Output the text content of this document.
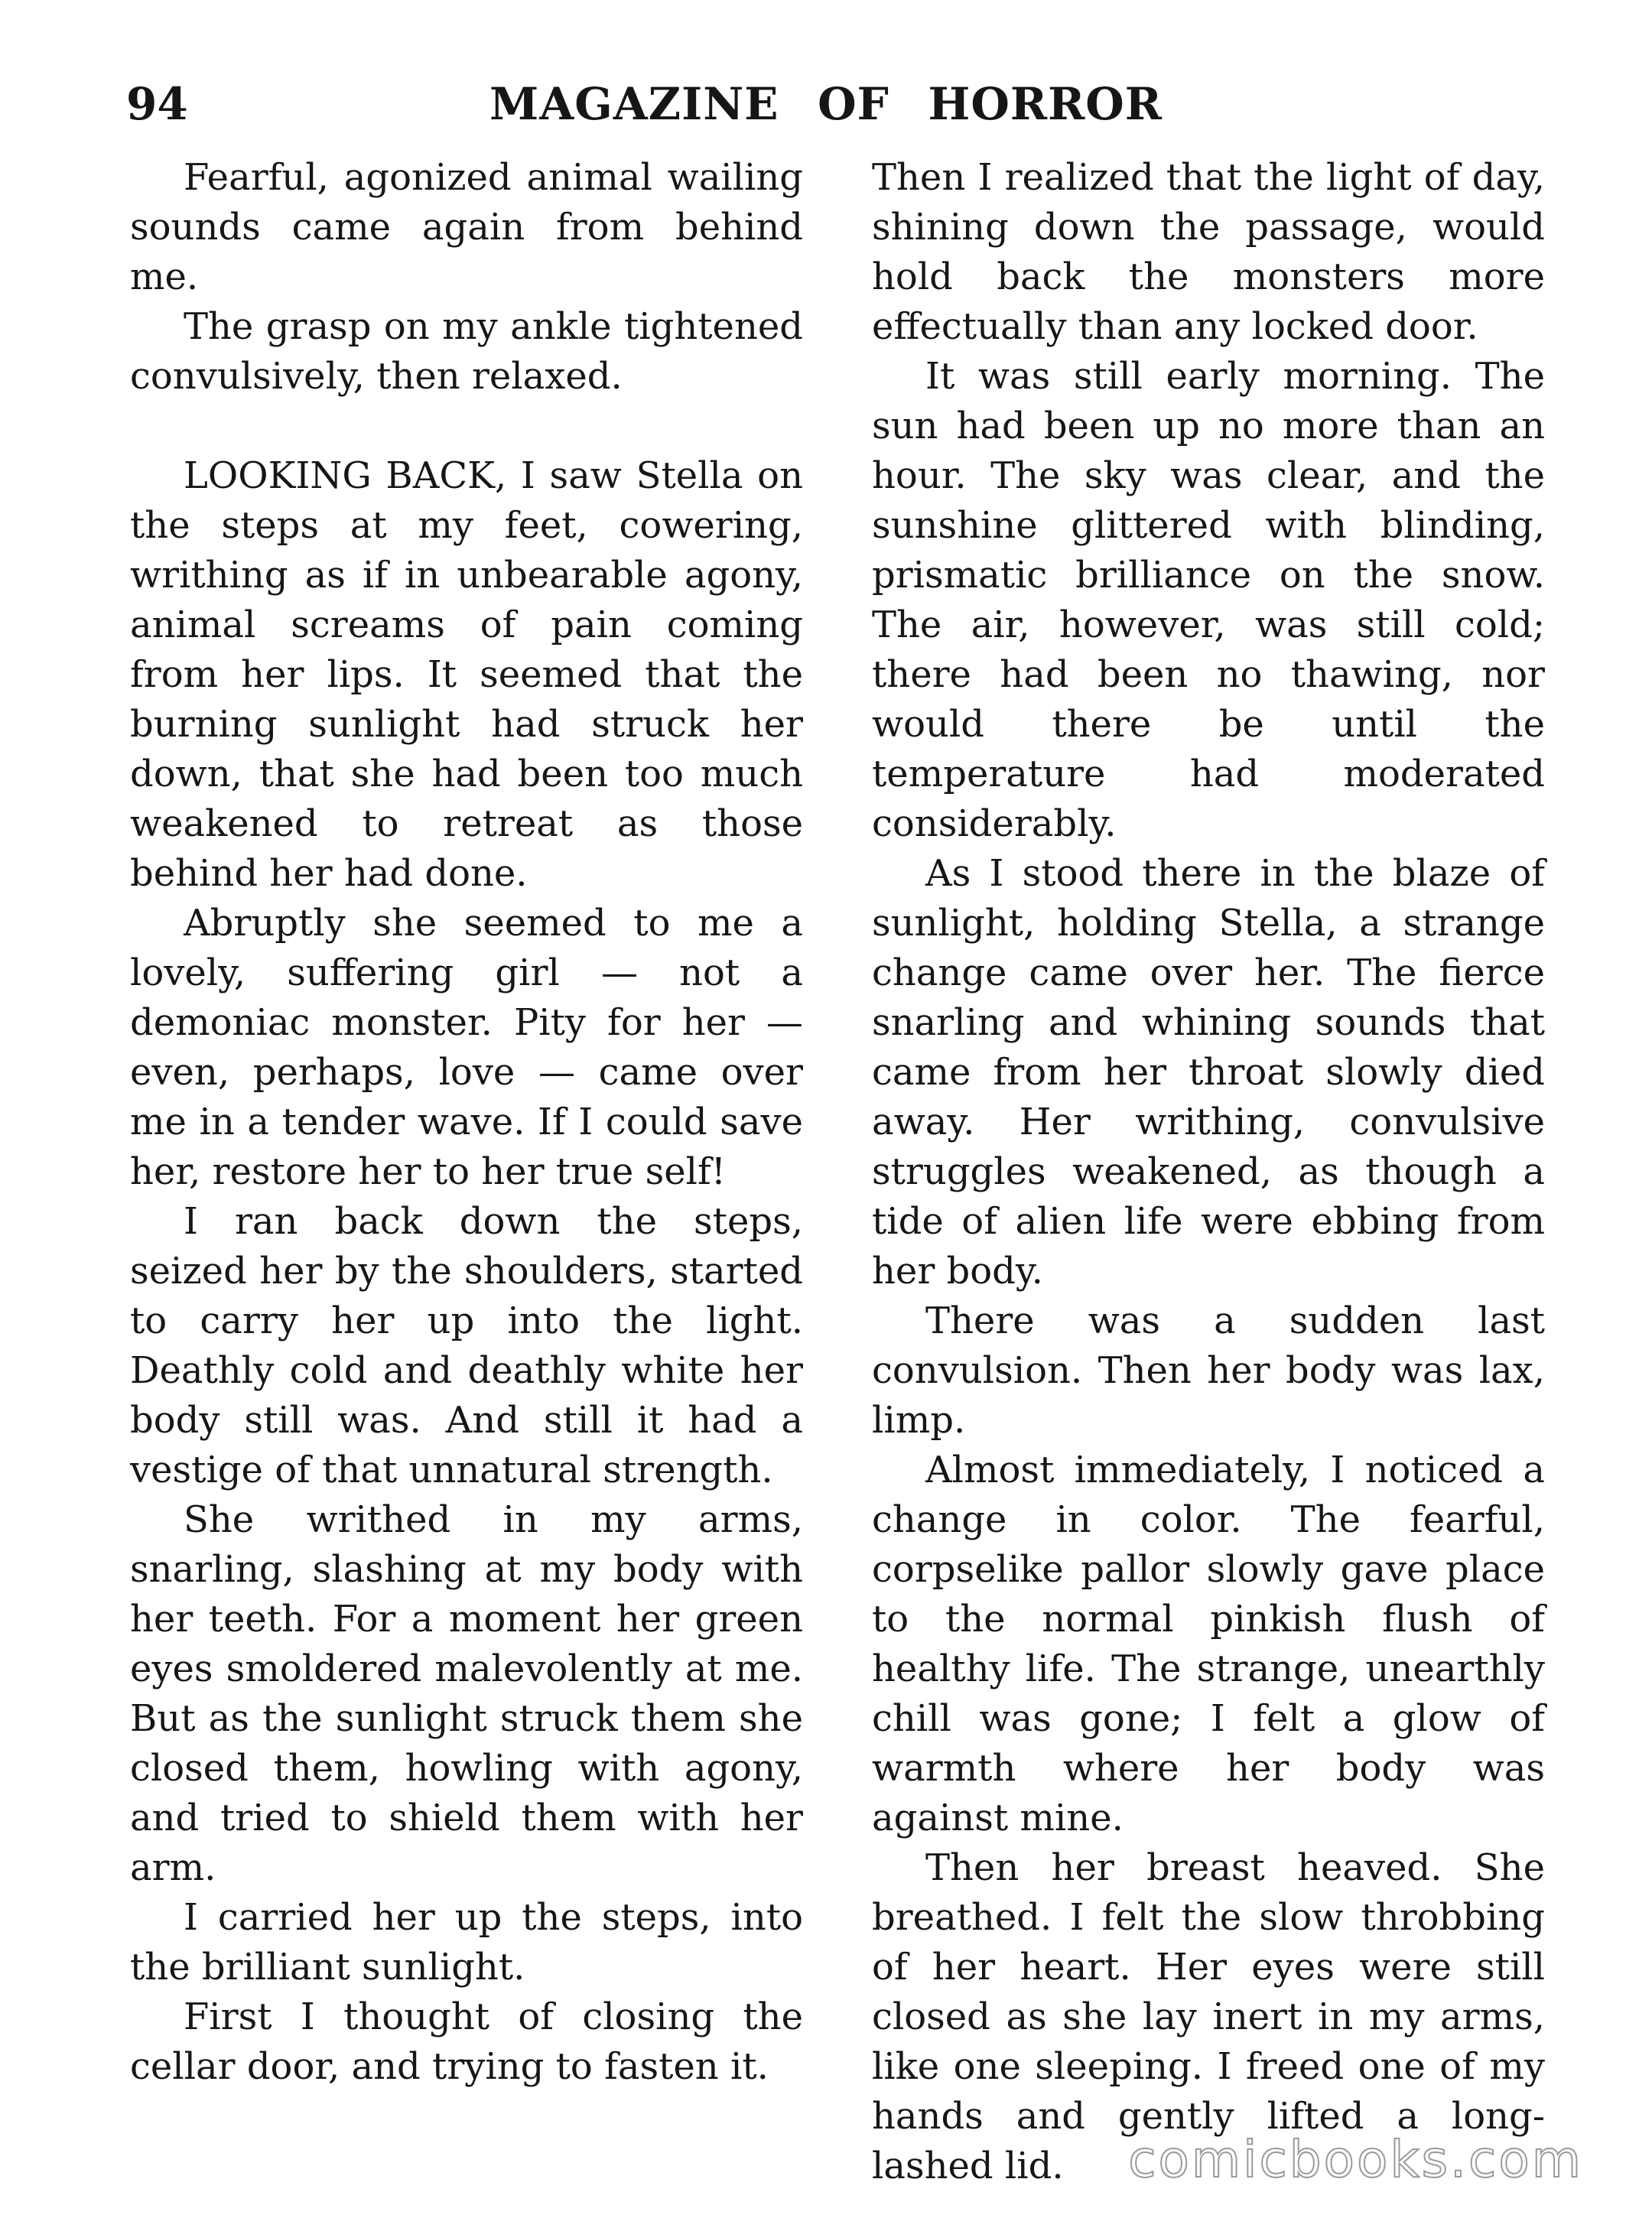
94	MAGAZINE OF HORROR

Fearful, agonized animal wailing sounds came again from behind me.

The grasp on my ankle tightened convulsively, then relaxed.

LOOKING BACK, I saw Stella on the steps at my feet, cowering, writhing as if in unbearable agony, animal screams of pain coming from her lips. It seemed that the burning sunlight had struck her down, that she had been too much weakened to retreat as those behind her had done.

Abruptly she seemed to me a lovely, suffering girl — not a demoniac monster. Pity for her — even, perhaps, love — came over me in a tender wave. If I could save her, restore her to her true self!

I ran back down the steps, seized her by the shoulders, started to carry her up into the light. Deathly cold and deathly white her body still was. And still it had a vestige of that unnatural strength.

She writhed in my arms, snarling, slashing at my body with her teeth. For a moment her green eyes smoldered malevolently at me. But as the sunlight struck them she closed them, howling with agony, and tried to shield them with her arm.

I carried her up the steps, into the brilliant sunlight.

First I thought of closing the cellar door, and trying to fasten it.

Then I realized that the light of day, shining down the passage, would hold back the monsters more effectually than any locked door.

It was still early morning. The sun had been up no more than an hour. The sky was clear, and the sunshine glittered with blinding, prismatic brilliance on the snow. The air, however, was still cold; there had been no thawing, nor would there be until the temperature had moderated considerably.

As I stood there in the blaze of sunlight, holding Stella, a strange change came over her. The fierce snarling and whining sounds that came from her throat slowly died away. Her writhing, convulsive struggles weakened, as though a tide of alien life were ebbing from her body.

There was a sudden last convulsion. Then her body was lax, limp.

Almost immediately, I noticed a change in color. The fearful, corpselike pallor slowly gave place to the normal pinkish flush of healthy life. The strange, unearthly chill was gone; I felt a glow of warmth where her body was against mine.

Then her breast heaved. She breathed. I felt the slow throbbing of her heart. Her eyes were still closed as she lay inert in my arms, like one sleeping. I freed one of my hands and gently lifted a long-lashed lid.	comicbooks.com
